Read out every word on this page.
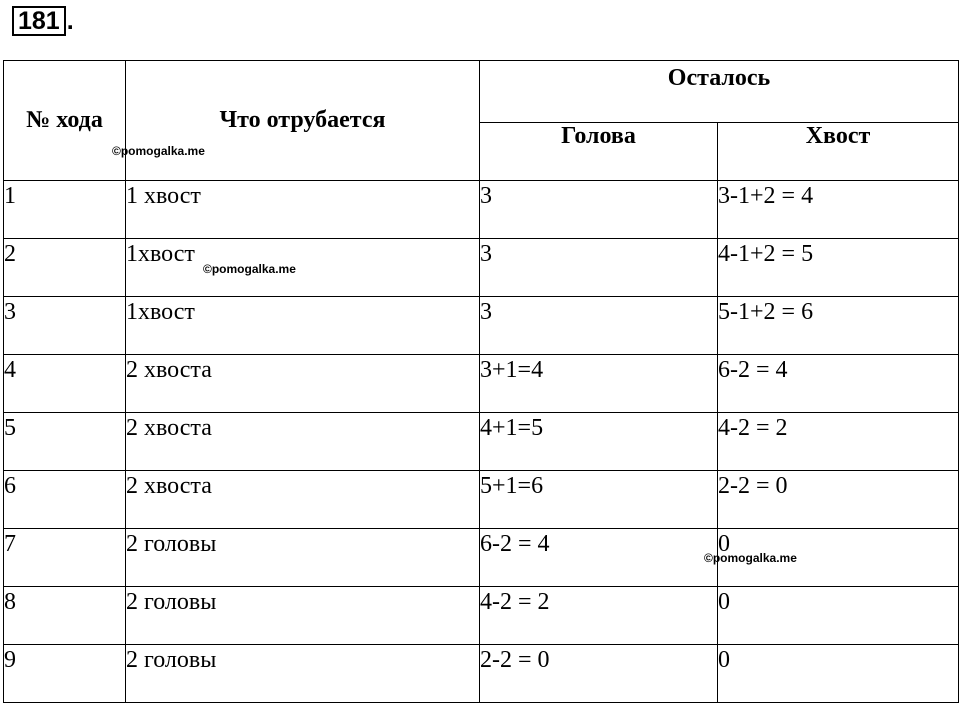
181 .
№ хода	Что отрубается	Осталось	
		Голова	Хвост
1	1 хвост	3	3-1+2 = 4
2	1хвост	3	4-1+2 = 5
3	1хвост	3	5-1+2 = 6
4	2 хвоста	3+1=4	6-2 = 4
5	2 хвоста	4+1=5	4-2 = 2
6	2 хвоста	5+1=6	2-2 = 0
7	2 головы	6-2 = 4	0
8	2 головы	4-2 = 2	0
9	2 головы	2-2 = 0	0
©pomogalka.me
©pomogalka.me
©pomogalka.me
